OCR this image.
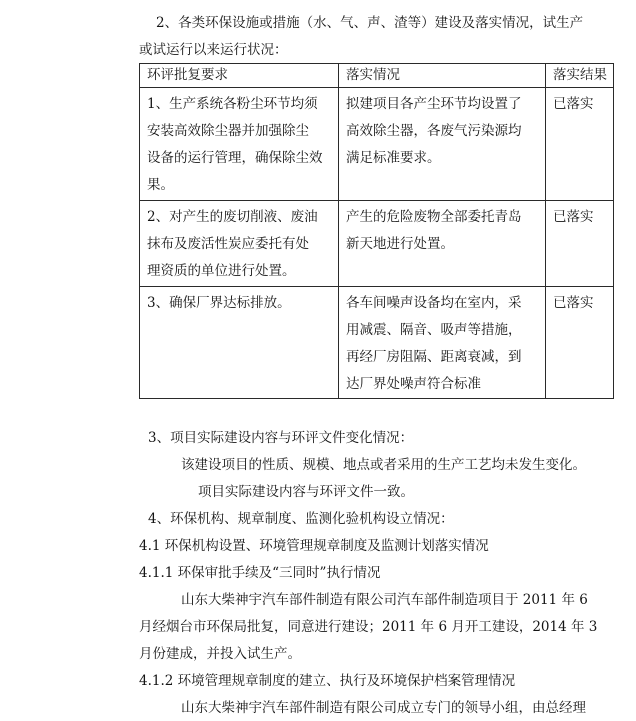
2、各类环保设施或措施（水、气、声、渣等）建设及落实情况，试生产
或试运行以来运行状况：
环评批复要求	落实情况	落实结果

1、生产系统各粉尘环节均须
安装高效除尘器并加强除尘
设备的运行管理，确保除尘效
果。	拟建项目各产尘环节均设置了
高效除尘器，各废气污染源均
满足标准要求。	已落实

2、对产生的废切削液、废油
抹布及废活性炭应委托有处
理资质的单位进行处置。	产生的危险废物全部委托青岛
新天地进行处置。	已落实

3、确保厂界达标排放。	各车间噪声设备均在室内，采
用减震、隔音、吸声等措施，
再经厂房阻隔、距离衰减，到
达厂界处噪声符合标准	已落实
3、项目实际建设内容与环评文件变化情况：
该建设项目的性质、规模、地点或者采用的生产工艺均未发生变化。
项目实际建设内容与环评文件一致。
4、环保机构、规章制度、监测化验机构设立情况：
4.1 环保机构设置、环境管理规章制度及监测计划落实情况
4.1.1 环保审批手续及“三同时”执行情况
山东大柴神宇汽车部件制造有限公司汽车部件制造项目于 2011 年 6
月经烟台市环保局批复，同意进行建设；2011 年 6 月开工建设，2014 年 3
月份建成，并投入试生产。
4.1.2 环境管理规章制度的建立、执行及环境保护档案管理情况
山东大柴神宇汽车部件制造有限公司成立专门的领导小组，由总经理
